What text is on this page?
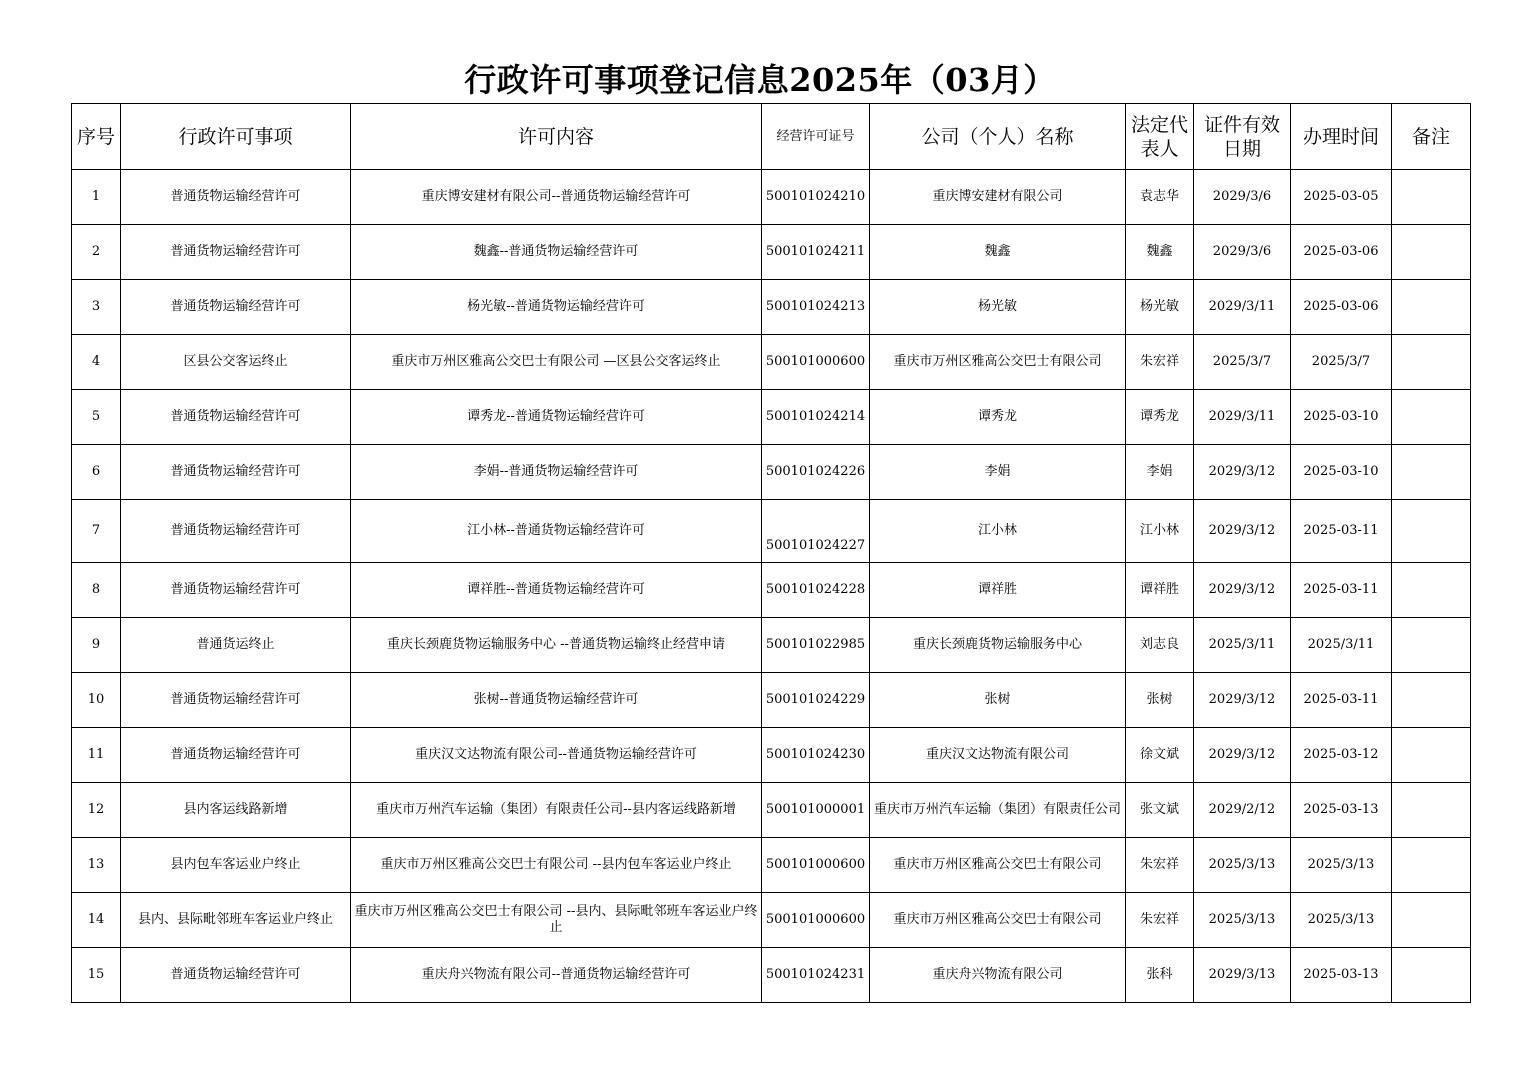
行政许可事项登记信息2025年（03月）
序号	行政许可事项	许可内容	经营许可证号	公司（个人）名称	法定代表人	证件有效日期	办理时间	备注
1	普通货物运输经营许可	重庆博安建材有限公司--普通货物运输经营许可	500101024210	重庆博安建材有限公司	袁志华	2029/3/6	2025-03-05	
2	普通货物运输经营许可	魏鑫--普通货物运输经营许可	500101024211	魏鑫	魏鑫	2029/3/6	2025-03-06	
3	普通货物运输经营许可	杨光敏--普通货物运输经营许可	500101024213	杨光敏	杨光敏	2029/3/11	2025-03-06	
4	区县公交客运终止	重庆市万州区雅高公交巴士有限公司 —区县公交客运终止	500101000600	重庆市万州区雅高公交巴士有限公司	朱宏祥	2025/3/7	2025/3/7	
5	普通货物运输经营许可	谭秀龙--普通货物运输经营许可	500101024214	谭秀龙	谭秀龙	2029/3/11	2025-03-10	
6	普通货物运输经营许可	李娟--普通货物运输经营许可	500101024226	李娟	李娟	2029/3/12	2025-03-10	
7	普通货物运输经营许可	江小林--普通货物运输经营许可	500101024227	江小林	江小林	2029/3/12	2025-03-11	
8	普通货物运输经营许可	谭祥胜--普通货物运输经营许可	500101024228	谭祥胜	谭祥胜	2029/3/12	2025-03-11	
9	普通货运终止	重庆长颈鹿货物运输服务中心 --普通货物运输终止经营申请	500101022985	重庆长颈鹿货物运输服务中心	刘志良	2025/3/11	2025/3/11	
10	普通货物运输经营许可	张树--普通货物运输经营许可	500101024229	张树	张树	2029/3/12	2025-03-11	
11	普通货物运输经营许可	重庆汉文达物流有限公司--普通货物运输经营许可	500101024230	重庆汉文达物流有限公司	徐文斌	2029/3/12	2025-03-12	
12	县内客运线路新增	重庆市万州汽车运输（集团）有限责任公司--县内客运线路新增	500101000001	重庆市万州汽车运输（集团）有限责任公司	张文斌	2029/2/12	2025-03-13	
13	县内包车客运业户终止	重庆市万州区雅高公交巴士有限公司 --县内包车客运业户终止	500101000600	重庆市万州区雅高公交巴士有限公司	朱宏祥	2025/3/13	2025/3/13	
14	县内、县际毗邻班车客运业户终止	重庆市万州区雅高公交巴士有限公司 --县内、县际毗邻班车客运业户终止	500101000600	重庆市万州区雅高公交巴士有限公司	朱宏祥	2025/3/13	2025/3/13	
15	普通货物运输经营许可	重庆舟兴物流有限公司--普通货物运输经营许可	500101024231	重庆舟兴物流有限公司	张科	2029/3/13	2025-03-13	
